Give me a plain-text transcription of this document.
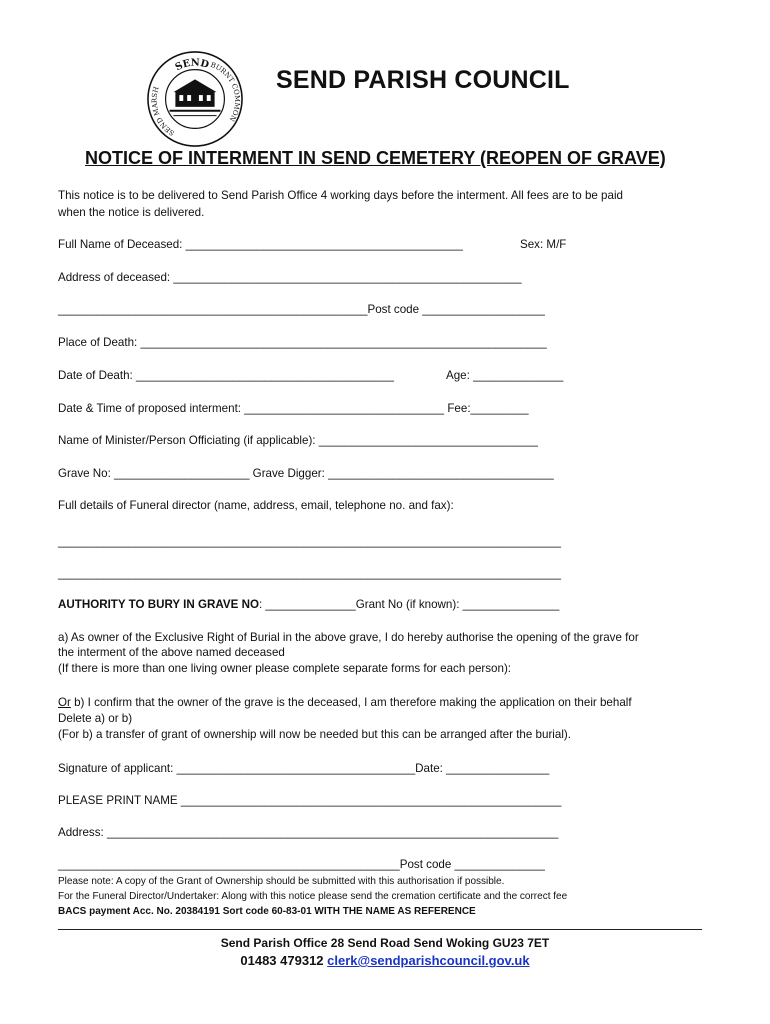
SEND BURNT COMMON
SEND MARSH	SEND PARISH COUNCIL
NOTICE OF INTERMENT IN SEND CEMETERY (REOPEN OF GRAVE)
This notice is to be delivered to Send Parish Office 4 working days before the interment. All fees are to be paid
when the notice is delivered.
Full Name of Deceased: ___________________________________________	Sex: M/F
Address of deceased: ______________________________________________________
________________________________________________Post code ___________________
Place of Death: _______________________________________________________________
Date of Death: ________________________________________	Age: ______________
Date & Time of proposed interment: _______________________________ Fee:_________
Name of Minister/Person Officiating (if applicable): __________________________________
Grave No: _____________________ Grave Digger: ___________________________________
Full details of Funeral director (name, address, email, telephone no. and fax):
______________________________________________________________________________
______________________________________________________________________________
AUTHORITY TO BURY IN GRAVE NO: ______________Grant No (if known): _______________
a) As owner of the Exclusive Right of Burial in the above grave, I do hereby authorise the opening of the grave for
the interment of the above named deceased
(If there is more than one living owner please complete separate forms for each person):
Or b) I confirm that the owner of the grave is the deceased, I am therefore making the application on their behalf
Delete a) or b)
(For b) a transfer of grant of ownership will now be needed but this can be arranged after the burial).
Signature of applicant: _____________________________________Date: ________________
PLEASE PRINT NAME ___________________________________________________________
Address: ______________________________________________________________________
_____________________________________________________Post code ______________
Please note: A copy of the Grant of Ownership should be submitted with this authorisation if possible.
For the Funeral Director/Undertaker: Along with this notice please send the cremation certificate and the correct fee
BACS payment Acc. No. 20384191 Sort code 60-83-01 WITH THE NAME AS REFERENCE
Send Parish Office 28 Send Road Send Woking GU23 7ET
01483 479312 clerk@sendparishcouncil.gov.uk
